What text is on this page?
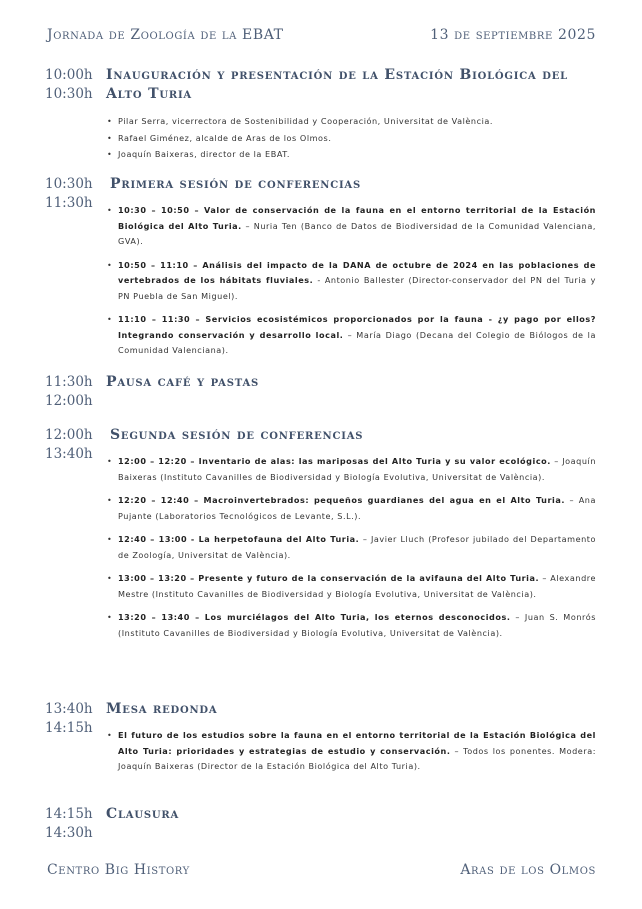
Jornada de Zoología de la EBAT	13 de septiembre 2025
10:00h
10:30h
Inauguración y presentación de la Estación Biológica del Alto Turia
• Pilar Serra, vicerrectora de Sostenibilidad y Cooperación, Universitat de València.
• Rafael Giménez, alcalde de Aras de los Olmos.
• Joaquín Baixeras, director de la EBAT.
10:30h
11:30h
Primera sesión de conferencias
• 10:30 – 10:50 – Valor de conservación de la fauna en el entorno territorial de la Estación Biológica del Alto Turia. – Nuria Ten (Banco de Datos de Biodiversidad de la Comunidad Valenciana, GVA).
• 10:50 – 11:10 – Análisis del impacto de la DANA de octubre de 2024 en las poblaciones de vertebrados de los hábitats fluviales. - Antonio Ballester (Director-conservador del PN del Turia y PN Puebla de San Miguel).
• 11:10 – 11:30 – Servicios ecosistémicos proporcionados por la fauna - ¿y pago por ellos? Integrando conservación y desarrollo local. – María Diago (Decana del Colegio de Biólogos de la Comunidad Valenciana).
11:30h
12:00h
Pausa café y pastas
12:00h
13:40h
Segunda sesión de conferencias
• 12:00 – 12:20 – Inventario de alas: las mariposas del Alto Turia y su valor ecológico. – Joaquín Baixeras (Instituto Cavanilles de Biodiversidad y Biología Evolutiva, Universitat de València).
• 12:20 – 12:40 – Macroinvertebrados: pequeños guardianes del agua en el Alto Turia. – Ana Pujante (Laboratorios Tecnológicos de Levante, S.L.).
• 12:40 – 13:00 - La herpetofauna del Alto Turia. – Javier Lluch (Profesor jubilado del Departamento de Zoología, Universitat de València).
• 13:00 – 13:20 – Presente y futuro de la conservación de la avifauna del Alto Turia. – Alexandre Mestre (Instituto Cavanilles de Biodiversidad y Biología Evolutiva, Universitat de València).
• 13:20 – 13:40 – Los murciélagos del Alto Turia, los eternos desconocidos. – Juan S. Monrós (Instituto Cavanilles de Biodiversidad y Biología Evolutiva, Universitat de València).
13:40h
14:15h
Mesa redonda
• El futuro de los estudios sobre la fauna en el entorno territorial de la Estación Biológica del Alto Turia: prioridades y estrategias de estudio y conservación. – Todos los ponentes. Modera: Joaquín Baixeras (Director de la Estación Biológica del Alto Turia).
14:15h
14:30h
Clausura
Centro Big History	Aras de los Olmos
